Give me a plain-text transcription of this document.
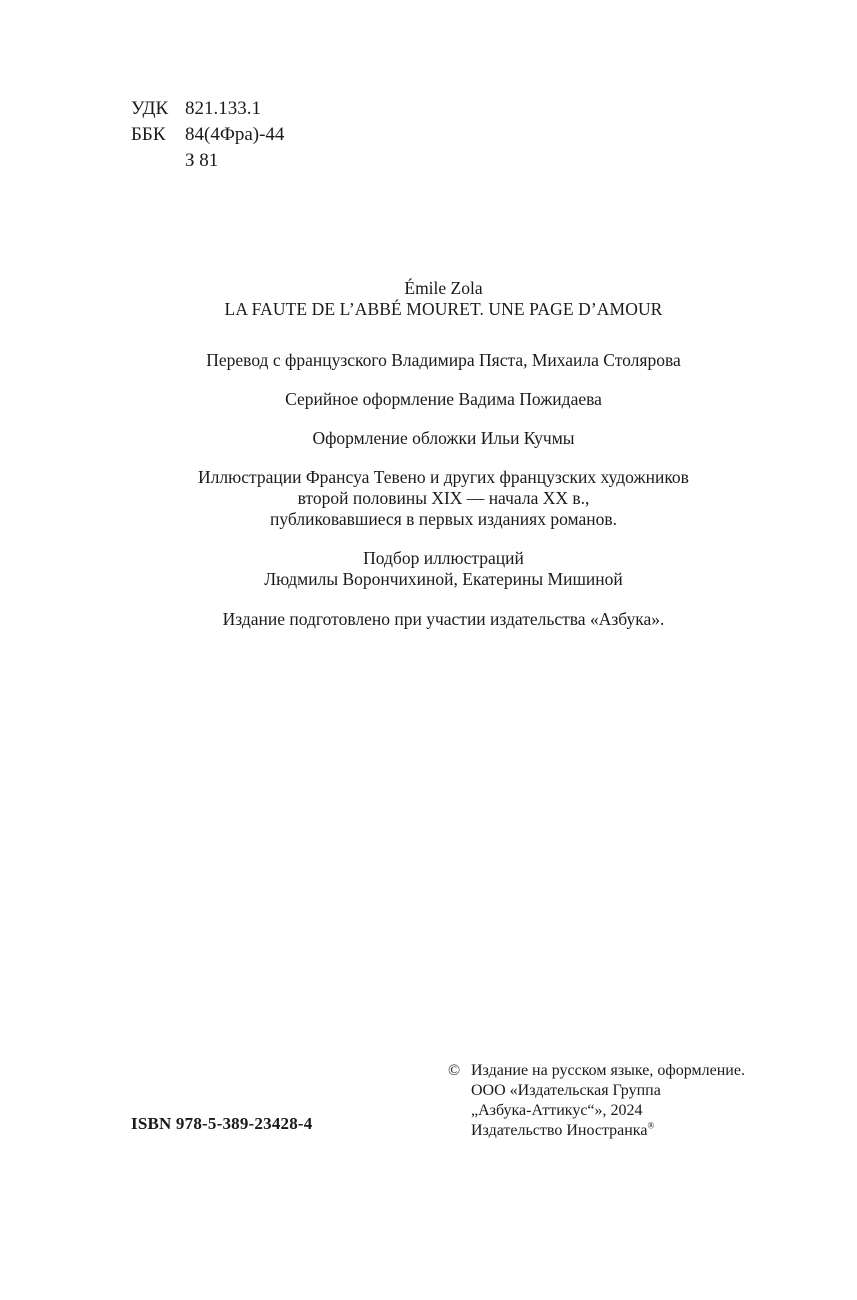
УДК 821.133.1
ББК	84(4Фра)-44
З 81
Émile Zola
LA FAUTE DE L’ABBÉ MOURET. UNE PAGE D’AMOUR
Перевод с французского Владимира Пяста, Михаила Столярова
Серийное оформление Вадима Пожидаева
Оформление обложки Ильи Кучмы
Иллюстрации Франсуа Тевено и других французских художников
второй половины XIX — начала XX в.,
публиковавшиеся в первых изданиях романов.
Подбор иллюстраций
Людмилы Ворончихиной, Екатерины Мишиной
Издание подготовлено при участии издательства «Азбука».
ISBN 978-5-389-23428-4
© Издание на русском языке, оформление.
ООО «Издательская Группа
„Азбука-Аттикус“», 2024
Издательство Иностранка®
